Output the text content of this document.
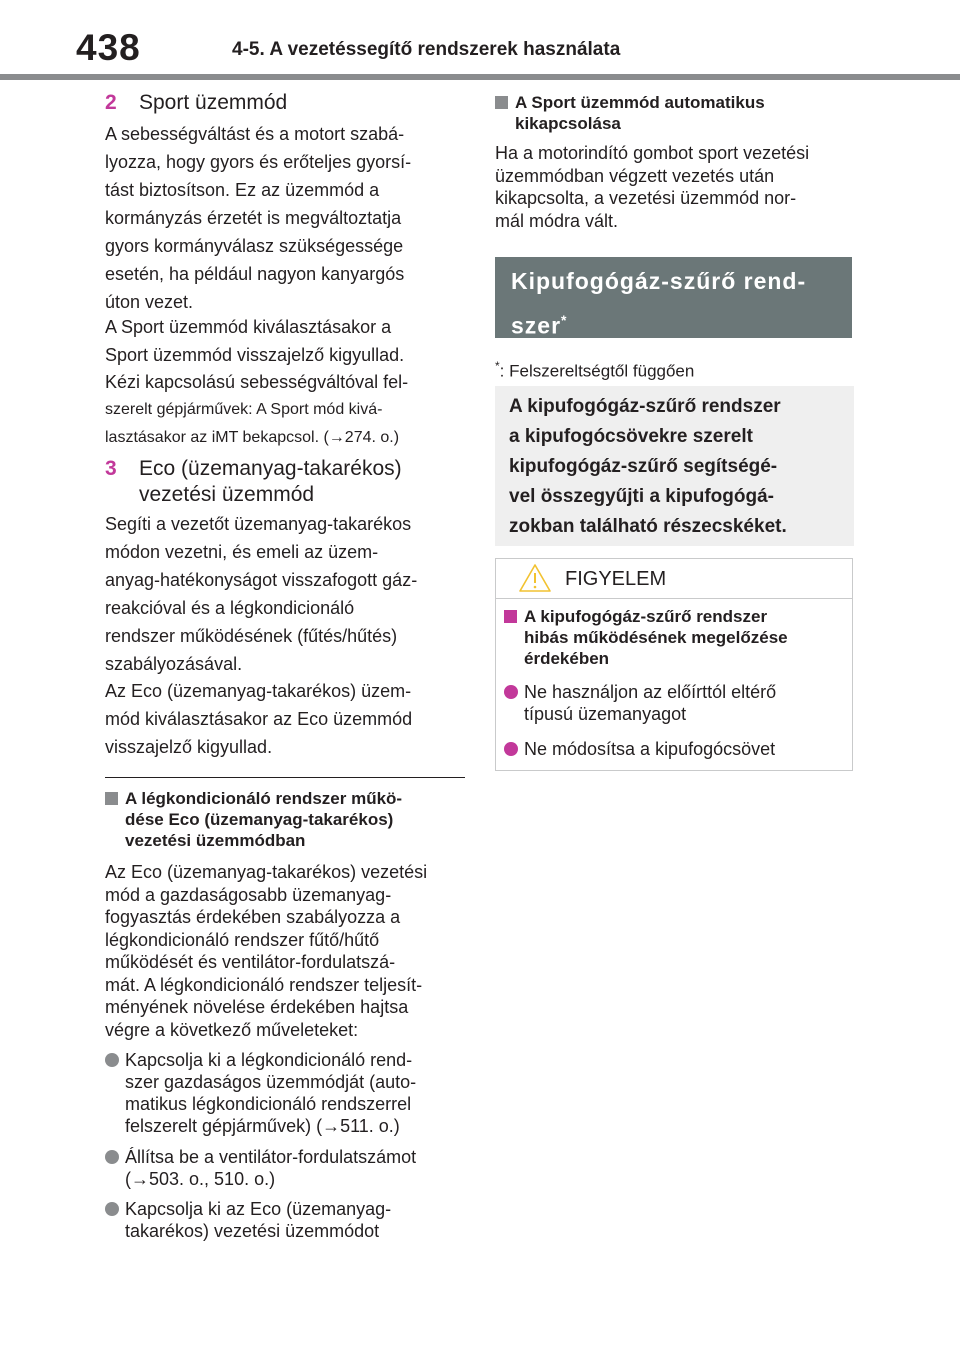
438	4-5. A vezetéssegítő rendszerek használata
2	Sport üzemmód
A sebességváltást és a motort szabá-
lyozza, hogy gyors és erőteljes gyorsí-
tást biztosítson. Ez az üzemmód a
kormányzás érzetét is megváltoztatja
gyors kormányválasz szükségessége
esetén, ha például nagyon kanyargós
úton vezet.
A Sport üzemmód kiválasztásakor a
Sport üzemmód visszajelző kigyullad.
Kézi kapcsolású sebességváltóval fel-
szerelt gépjárművek: A Sport mód kivá-
lasztásakor az iMT bekapcsol. (→274. o.)
3	Eco (üzemanyag-takarékos)
vezetési üzemmód
Segíti a vezetőt üzemanyag-takarékos
módon vezetni, és emeli az üzem-
anyag-hatékonyságot visszafogott gáz-
reakcióval és a légkondicionáló
rendszer működésének (fűtés/hűtés)
szabályozásával.
Az Eco (üzemanyag-takarékos) üzem-
mód kiválasztásakor az Eco üzemmód
visszajelző kigyullad.
A légkondicionáló rendszer műkö-
dése Eco (üzemanyag-takarékos)
vezetési üzemmódban
Az Eco (üzemanyag-takarékos) vezetési
mód a gazdaságosabb üzemanyag-
fogyasztás érdekében szabályozza a
légkondicionáló rendszer fűtő/hűtő
működését és ventilátor-fordulatszá-
mát. A légkondicionáló rendszer teljesít-
ményének növelése érdekében hajtsa
végre a következő műveleteket:
Kapcsolja ki a légkondicionáló rend-
szer gazdaságos üzemmódját (auto-
matikus légkondicionáló rendszerrel
felszerelt gépjárművek) (→511. o.)
Állítsa be a ventilátor-fordulatszámot
(→503. o., 510. o.)
Kapcsolja ki az Eco (üzemanyag-
takarékos) vezetési üzemmódot
A Sport üzemmód automatikus
kikapcsolása
Ha a motorindító gombot sport vezetési
üzemmódban végzett vezetés után
kikapcsolta, a vezetési üzemmód nor-
mál módra vált.
Kipufogógáz-szűrő rend-
szer*
*: Felszereltségtől függően
A kipufogógáz-szűrő rendszer
a kipufogócsövekre szerelt
kipufogógáz-szűrő segítségé-
vel összegyűjti a kipufogógá-
zokban található részecskéket.
FIGYELEM
A kipufogógáz-szűrő rendszer
hibás működésének megelőzése
érdekében
Ne használjon az előírttól eltérő
típusú üzemanyagot
Ne módosítsa a kipufogócsövet
